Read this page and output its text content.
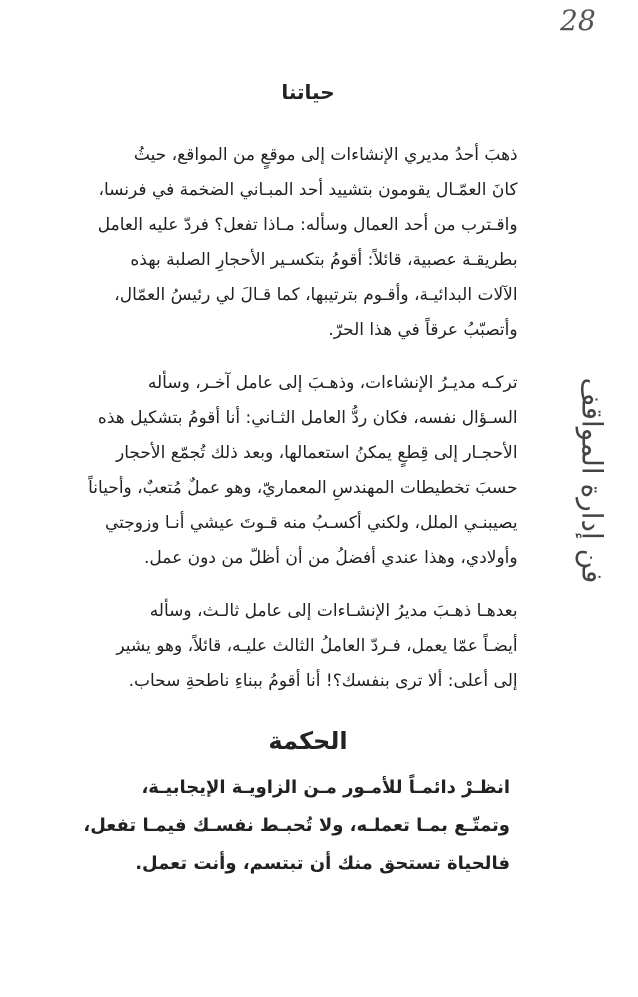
28
فن إدارة المواقف
حياتنا
ذهبَ أحدُ مديري الإنشاءات إلى موقعٍ من المواقع، حيثُ
كانَ العمّـال يقومون بتشييد أحد المبـاني الضخمة في فرنسا،
واقـترب من أحد العمال وسأله: مـاذا تفعل؟ فردّ عليه العامل
بطريقـة عصبية، قائلاً: أقومُ بتكسـير الأحجارِ الصلبة بهذه
الآلات البدائيـة، وأقـوم بترتيبها، كما قـالَ لي رئيسُ العمّال،
وأتصبّبُ عرقاً في هذا الحرّ.
تركـه مديـرُ الإنشاءات، وذهـبَ إلى عامل آخـر، وسأله
السـؤال نفسه، فكان ردُّ العامل الثـاني: أنا أقومُ بتشكيل هذه
الأحجـار إلى قِطعٍ يمكنُ استعمالها، وبعد ذلك تُجمّع الأحجار
حسبَ تخطيطات المهندسِ المعماريّ، وهو عملٌ مُتعبٌ، وأحياناً
يصيبنـي الملل، ولكني أكسـبُ منه قـوتَ عيشي أنـا وزوجتي
وأولادي، وهذا عندي أفضلُ من أن أظلّ من دون عمل.
بعدهـا ذهـبَ مديرُ الإنشـاءات إلى عامل ثالـث، وسأله
أيضـاً عمّا يعمل، فـردّ العاملُ الثالث عليـه، قائلاً، وهو يشير
إلى أعلى: ألا ترى بنفسك؟! أنا أقومُ ببناءِ ناطحةِ سحاب.
الحكمة
انظـرْ دائمـاً للأمـور مـن الزاويـة الإيجابيـة،
وتمتّـع بمـا تعملـه، ولا تُحبـط نفسـك فيمـا تفعل،
فالحياة تستحق منك أن تبتسم، وأنت تعمل.
